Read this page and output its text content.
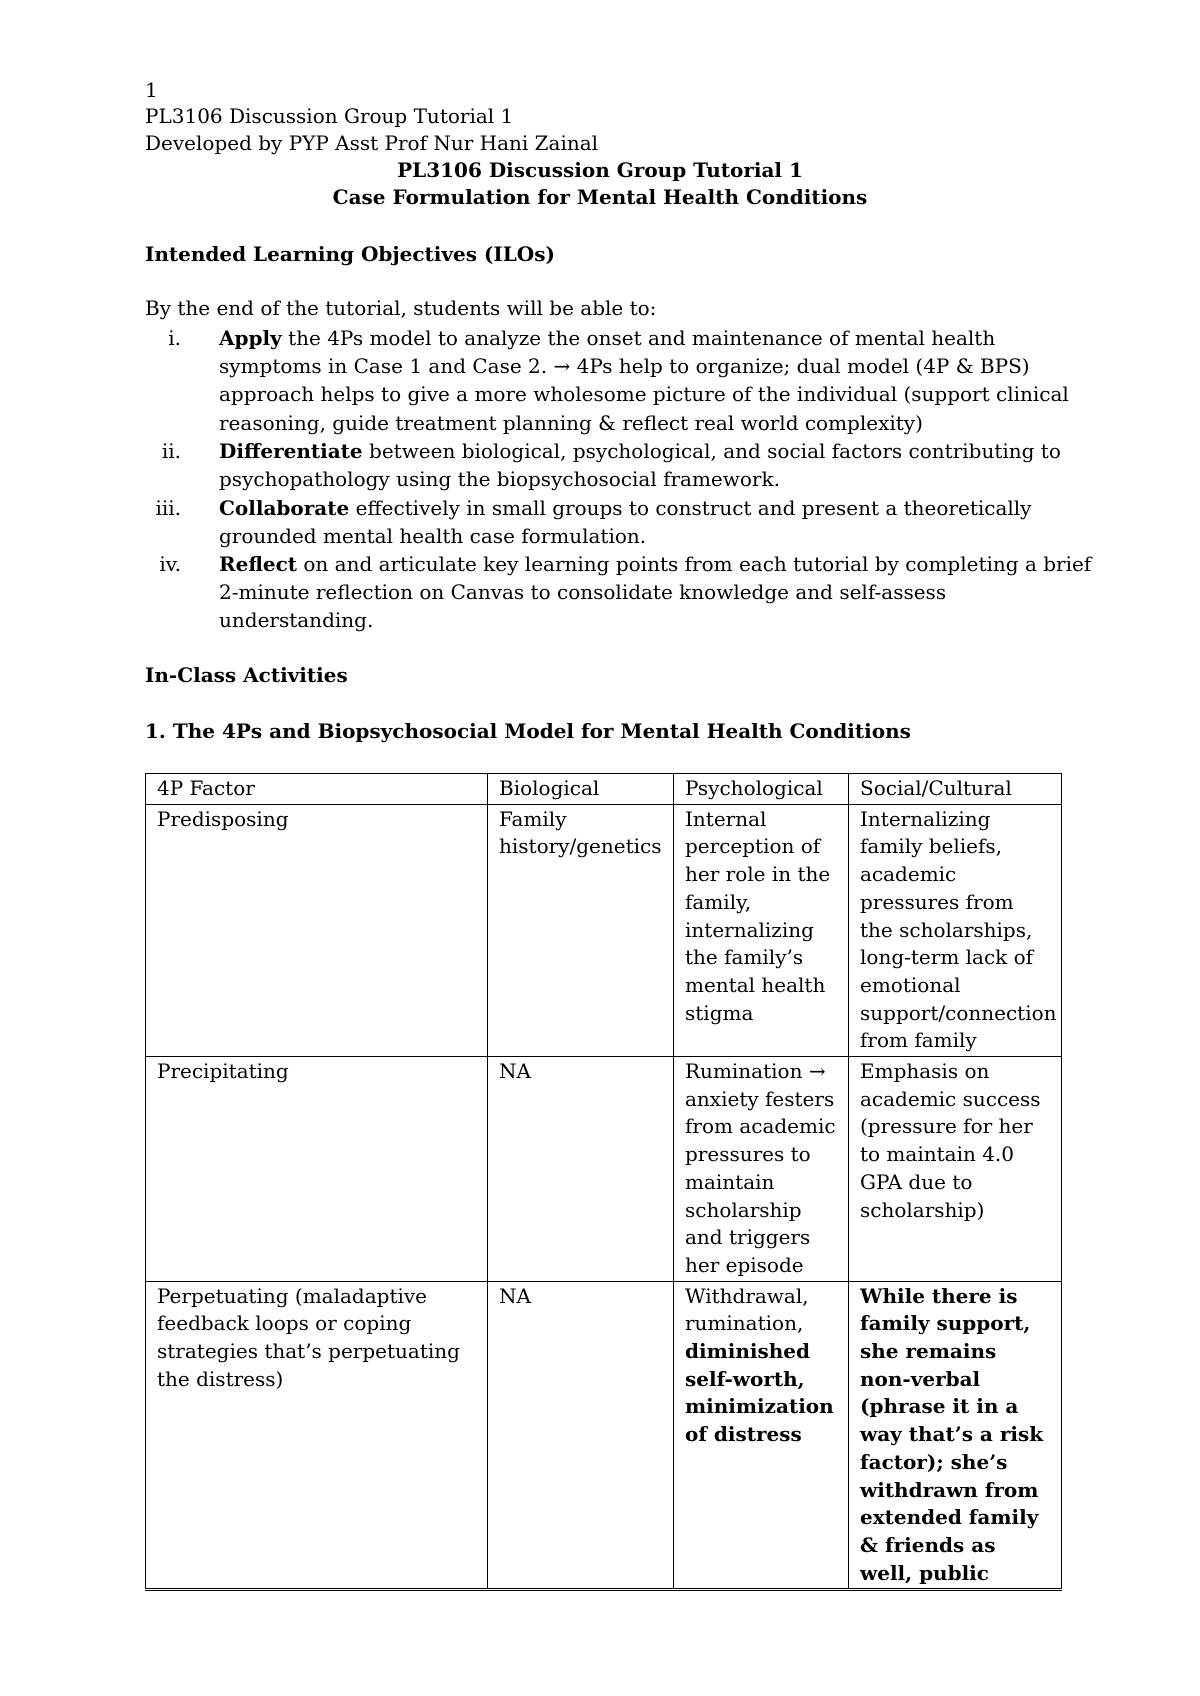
1
PL3106 Discussion Group Tutorial 1
Developed by PYP Asst Prof Nur Hani Zainal
PL3106 Discussion Group Tutorial 1
Case Formulation for Mental Health Conditions
Intended Learning Objectives (ILOs)
By the end of the tutorial, students will be able to:
i. Apply the 4Ps model to analyze the onset and maintenance of mental health
symptoms in Case 1 and Case 2. → 4Ps help to organize; dual model (4P & BPS)
approach helps to give a more wholesome picture of the individual (support clinical
reasoning, guide treatment planning & reflect real world complexity)
ii. Differentiate between biological, psychological, and social factors contributing to
psychopathology using the biopsychosocial framework.
iii. Collaborate effectively in small groups to construct and present a theoretically
grounded mental health case formulation.
iv. Reflect on and articulate key learning points from each tutorial by completing a brief
2-minute reflection on Canvas to consolidate knowledge and self-assess
understanding.
In-Class Activities
1. The 4Ps and Biopsychosocial Model for Mental Health Conditions
4P Factor	Biological	Psychological	Social/Cultural
Predisposing	Family history/genetics	Internal perception of her role in the family, internalizing the family’s mental health stigma	Internalizing family beliefs, academic pressures from the scholarships, long-term lack of emotional support/connection from family
Precipitating	NA	Rumination → anxiety festers from academic pressures to maintain scholarship and triggers her episode	Emphasis on academic success (pressure for her to maintain 4.0 GPA due to scholarship)
Perpetuating (maladaptive feedback loops or coping strategies that’s perpetuating the distress)	NA	Withdrawal, rumination, diminished self-worth, minimization of distress	While there is family support, she remains non-verbal (phrase it in a way that’s a risk factor); she’s withdrawn from extended family & friends as well, public
